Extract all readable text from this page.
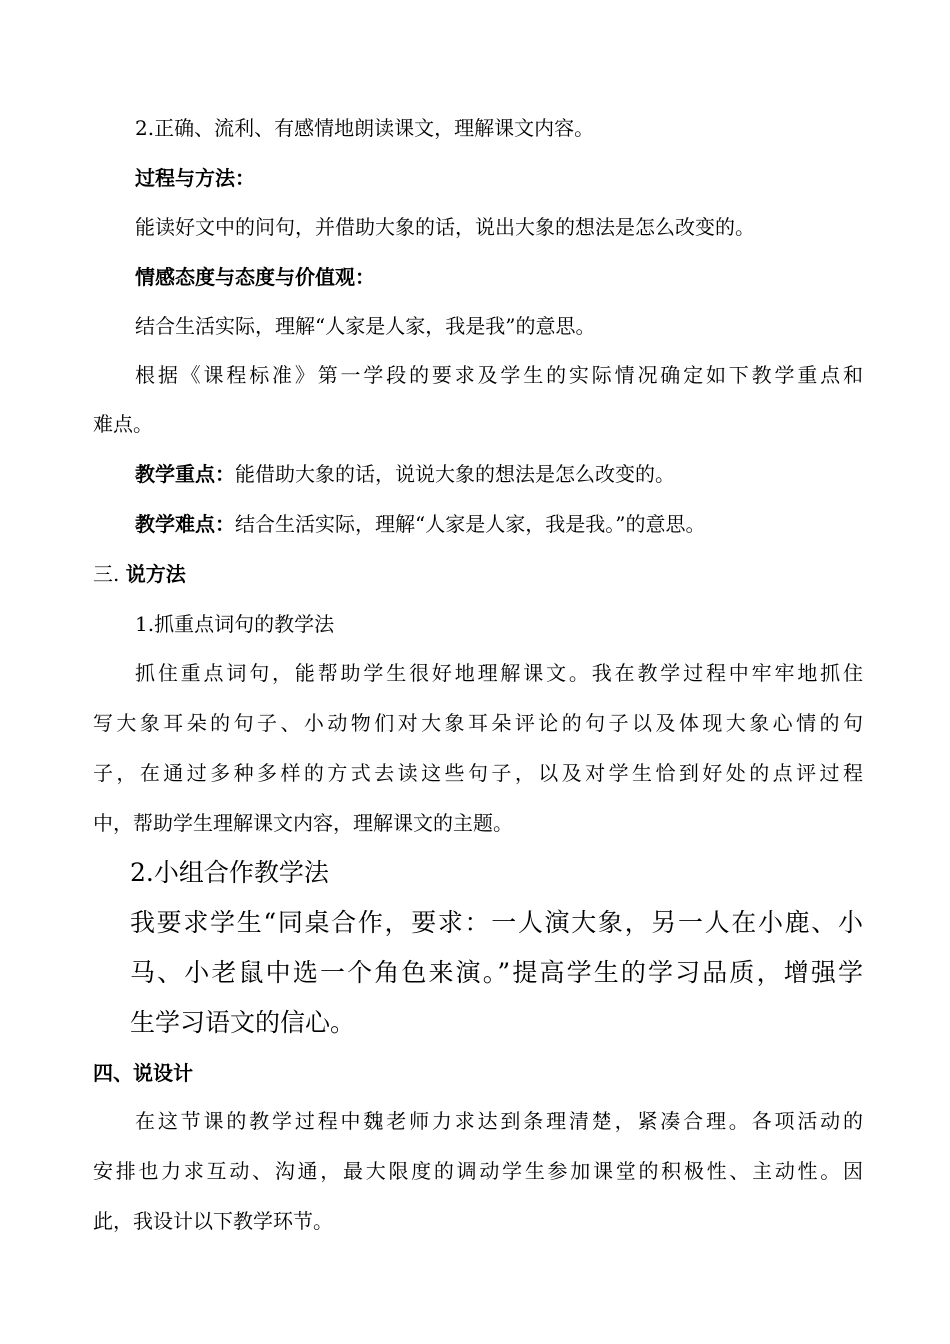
2.正确、流利、有感情地朗读课文，理解课文内容。
过程与方法：
能读好文中的问句，并借助大象的话，说出大象的想法是怎么改变的。
情感态度与态度与价值观：
结合生活实际，理解“人家是人家，我是我”的意思。
根据《课程标准》第一学段的要求及学生的实际情况确定如下教学重点和
难点。
教学重点：能借助大象的话，说说大象的想法是怎么改变的。
教学难点：结合生活实际，理解“人家是人家，我是我。”的意思。
三. 说方法
1.抓重点词句的教学法
抓住重点词句，能帮助学生很好地理解课文。我在教学过程中牢牢地抓住
写大象耳朵的句子、小动物们对大象耳朵评论的句子以及体现大象心情的句
子，在通过多种多样的方式去读这些句子，以及对学生恰到好处的点评过程
中，帮助学生理解课文内容，理解课文的主题。
2.小组合作教学法
我要求学生“同桌合作，要求：一人演大象，另一人在小鹿、小
马、小老鼠中选一个角色来演。”提高学生的学习品质，增强学
生学习语文的信心。
四、说设计
在这节课的教学过程中魏老师力求达到条理清楚，紧凑合理。各项活动的
安排也力求互动、沟通，最大限度的调动学生参加课堂的积极性、主动性。因
此，我设计以下教学环节。
